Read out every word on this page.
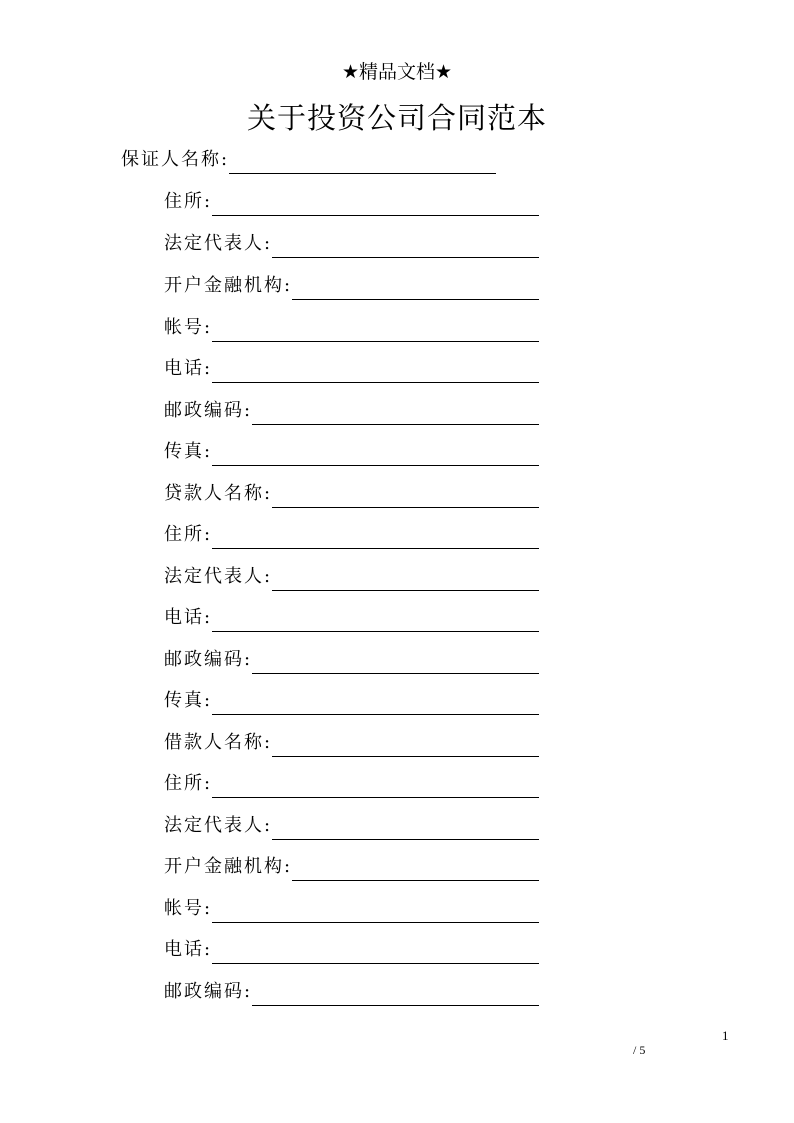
★精品文档★
关于投资公司合同范本
保证人名称:
住所:
法定代表人:
开户金融机构:
帐号:
电话:
邮政编码:
传真:
贷款人名称:
住所:
法定代表人:
电话:
邮政编码:
传真:
借款人名称:
住所:
法定代表人:
开户金融机构:
帐号:
电话:
邮政编码:
1
/ 5
